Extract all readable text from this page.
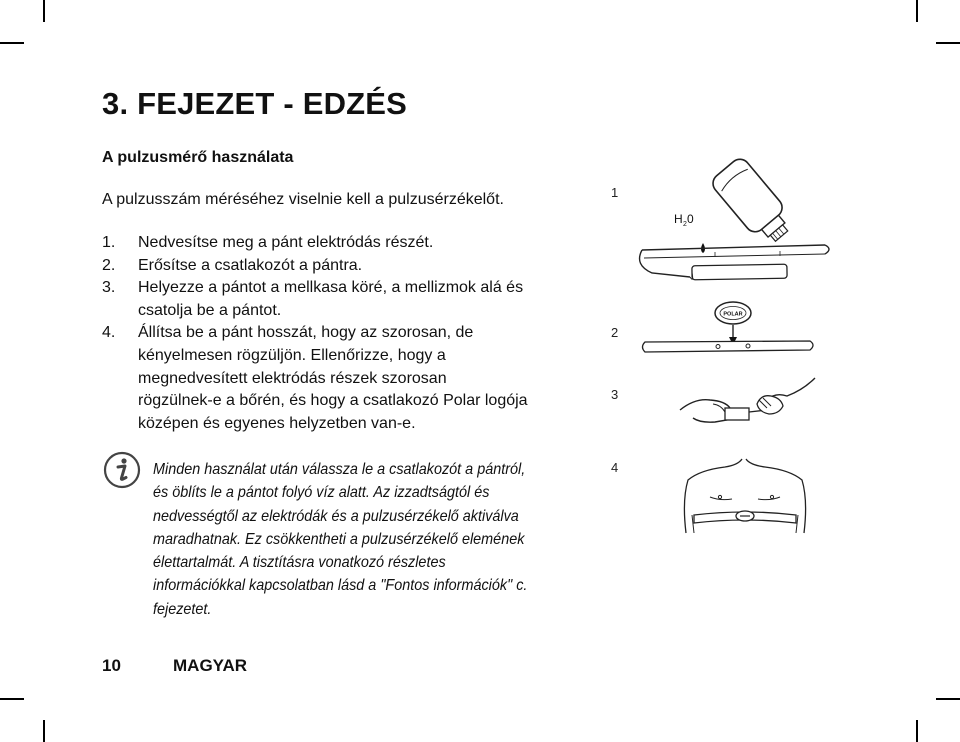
3. FEJEZET - EDZÉS
A pulzusmérő használata

A pulzusszám méréséhez viselnie kell a pulzusérzékelőt.

1.	Nedvesítse meg a pánt elektródás részét.
2.	Erősítse a csatlakozót a pántra.
3.	Helyezze a pántot a mellkasa köré, a mellizmok alá és
csatolja be a pántot.
4.	Állítsa be a pánt hosszát, hogy az szorosan, de
kényelmesen rögzüljön. Ellenőrizze, hogy a
megnedvesített elektródás részek szorosan
rögzülnek-e a bőrén, és hogy a csatlakozó Polar logója
középen és egyenes helyzetben van-e.

Minden használat után válassza le a csatlakozót a pántról,
és öblíts le a pántot folyó víz alatt. Az izzadtságtól és
nedvességtől az elektródák és a pulzusérzékelő aktiválva
maradhatnak. Ez csökkentheti a pulzusérzékelő elemének
élettartalmát. A tisztításra vonatkozó részletes
információkkal kapcsolatban lásd a "Fontos információk" c.
fejezetet.

1
2
3
4
H 2 0
POLAR
10	MAGYAR
